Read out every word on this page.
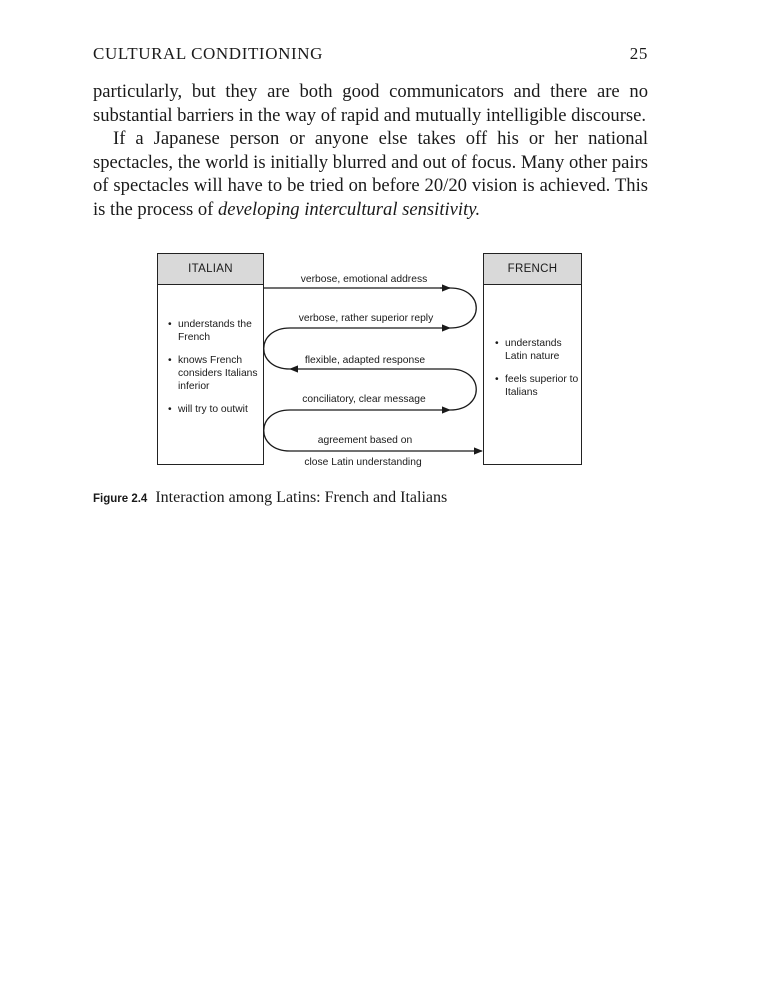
CULTURAL CONDITIONING	25

particularly, but they are both good communicators and there are no substantial barriers in the way of rapid and mutually intelligible discourse.

If a Japanese person or anyone else takes off his or her national spectacles, the world is initially blurred and out of focus. Many other pairs of spectacles will have to be tried on before 20/20 vision is achieved. This is the process of developing intercultural sensitivity.

ITALIAN
• understands the French
• knows French considers Italians inferior
• will try to outwit
FRENCH
• understands Latin nature
• feels superior to Italians
verbose, emotional address
verbose, rather superior reply
flexible, adapted response
conciliatory, clear message
agreement based on
close Latin understanding
Figure 2.4 Interaction among Latins: French and Italians
